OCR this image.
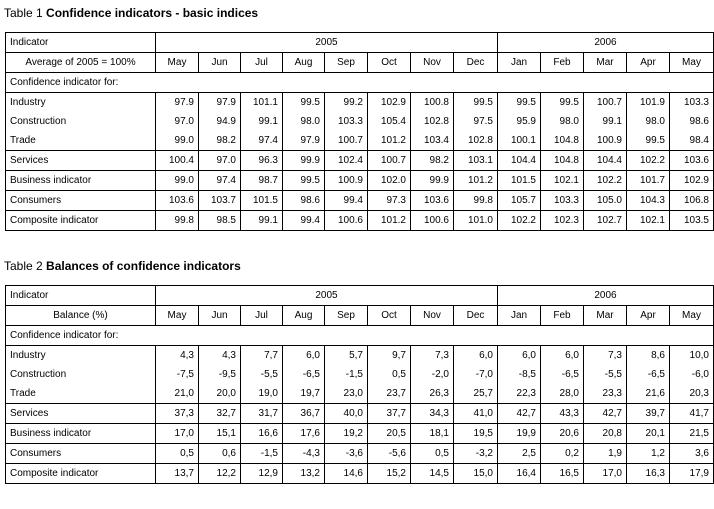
Table 1 Confidence indicators - basic indices
Indicator	2005								2006				
Average of 2005 = 100%	May	Jun	Jul	Aug	Sep	Oct	Nov	Dec	Jan	Feb	Mar	Apr	May
Confidence indicator for:													
Industry	97.9	97.9	101.1	99.5	99.2	102.9	100.8	99.5	99.5	99.5	100.7	101.9	103.3
Construction	97.0	94.9	99.1	98.0	103.3	105.4	102.8	97.5	95.9	98.0	99.1	98.0	98.6
Trade	99.0	98.2	97.4	97.9	100.7	101.2	103.4	102.8	100.1	104.8	100.9	99.5	98.4
Services	100.4	97.0	96.3	99.9	102.4	100.7	98.2	103.1	104.4	104.8	104.4	102.2	103.6
Business indicator	99.0	97.4	98.7	99.5	100.9	102.0	99.9	101.2	101.5	102.1	102.2	101.7	102.9
Consumers	103.6	103.7	101.5	98.6	99.4	97.3	103.6	99.8	105.7	103.3	105.0	104.3	106.8
Composite indicator	99.8	98.5	99.1	99.4	100.6	101.2	100.6	101.0	102.2	102.3	102.7	102.1	103.5
Table 2 Balances of confidence indicators
Indicator	2005								2006				
Balance (%)	May	Jun	Jul	Aug	Sep	Oct	Nov	Dec	Jan	Feb	Mar	Apr	May
Confidence indicator for:													
Industry	4,3	4,3	7,7	6,0	5,7	9,7	7,3	6,0	6,0	6,0	7,3	8,6	10,0
Construction	-7,5	-9,5	-5,5	-6,5	-1,5	0,5	-2,0	-7,0	-8,5	-6,5	-5,5	-6,5	-6,0
Trade	21,0	20,0	19,0	19,7	23,0	23,7	26,3	25,7	22,3	28,0	23,3	21,6	20,3
Services	37,3	32,7	31,7	36,7	40,0	37,7	34,3	41,0	42,7	43,3	42,7	39,7	41,7
Business indicator	17,0	15,1	16,6	17,6	19,2	20,5	18,1	19,5	19,9	20,6	20,8	20,1	21,5
Consumers	0,5	0,6	-1,5	-4,3	-3,6	-5,6	0,5	-3,2	2,5	0,2	1,9	1,2	3,6
Composite indicator	13,7	12,2	12,9	13,2	14,6	15,2	14,5	15,0	16,4	16,5	17,0	16,3	17,9
